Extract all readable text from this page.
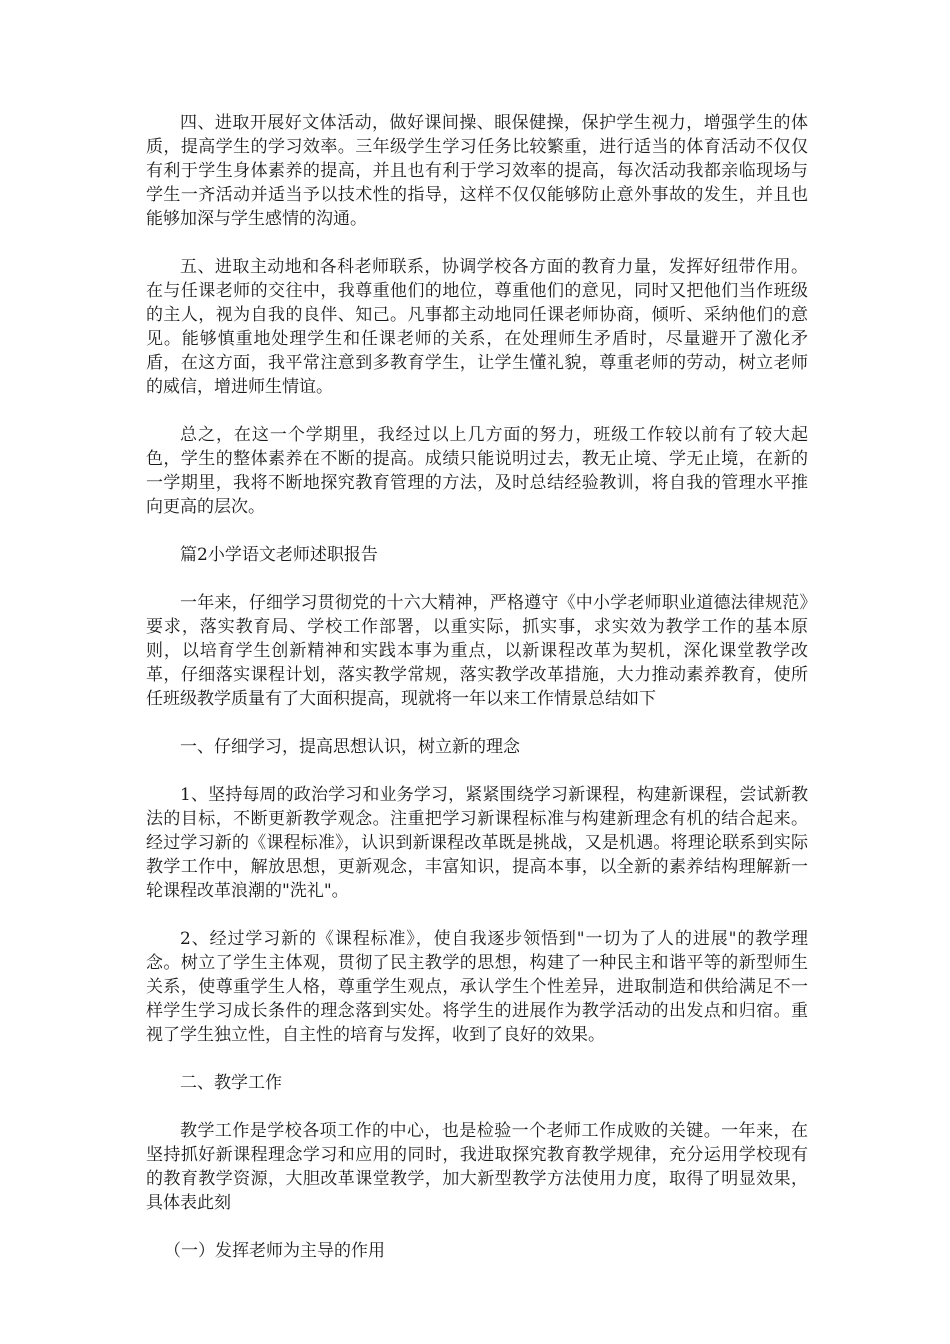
四、进取开展好文体活动，做好课间操、眼保健操，保护学生视力，增强学生的体质，提高学生的学习效率。三年级学生学习任务比较繁重，进行适当的体育活动不仅仅有利于学生身体素养的提高，并且也有利于学习效率的提高，每次活动我都亲临现场与学生一齐活动并适当予以技术性的指导，这样不仅仅能够防止意外事故的发生，并且也能够加深与学生感情的沟通。

五、进取主动地和各科老师联系，协调学校各方面的教育力量，发挥好纽带作用。在与任课老师的交往中，我尊重他们的地位，尊重他们的意见，同时又把他们当作班级的主人，视为自我的良伴、知己。凡事都主动地同任课老师协商，倾听、采纳他们的意见。能够慎重地处理学生和任课老师的关系，在处理师生矛盾时，尽量避开了激化矛盾，在这方面，我平常注意到多教育学生，让学生懂礼貌，尊重老师的劳动，树立老师的威信，增进师生情谊。

总之，在这一个学期里，我经过以上几方面的努力，班级工作较以前有了较大起色，学生的整体素养在不断的提高。成绩只能说明过去，教无止境、学无止境，在新的一学期里，我将不断地探究教育管理的方法，及时总结经验教训，将自我的管理水平推向更高的层次。

篇2小学语文老师述职报告

一年来，仔细学习贯彻党的十六大精神，严格遵守《中小学老师职业道德法律规范》要求，落实教育局、学校工作部署，以重实际，抓实事，求实效为教学工作的基本原则，以培育学生创新精神和实践本事为重点，以新课程改革为契机，深化课堂教学改革，仔细落实课程计划，落实教学常规，落实教学改革措施，大力推动素养教育，使所任班级教学质量有了大面积提高，现就将一年以来工作情景总结如下

一、仔细学习，提高思想认识，树立新的理念

1、坚持每周的政治学习和业务学习，紧紧围绕学习新课程，构建新课程，尝试新教法的目标，不断更新教学观念。注重把学习新课程标准与构建新理念有机的结合起来。经过学习新的《课程标准》，认识到新课程改革既是挑战，又是机遇。将理论联系到实际教学工作中，解放思想，更新观念，丰富知识，提高本事，以全新的素养结构理解新一轮课程改革浪潮的"洗礼"。

2、经过学习新的《课程标准》，使自我逐步领悟到"一切为了人的进展"的教学理念。树立了学生主体观，贯彻了民主教学的思想，构建了一种民主和谐平等的新型师生关系，使尊重学生人格，尊重学生观点，承认学生个性差异，进取制造和供给满足不一样学生学习成长条件的理念落到实处。将学生的进展作为教学活动的出发点和归宿。重视了学生独立性，自主性的培育与发挥，收到了良好的效果。

二、教学工作

教学工作是学校各项工作的中心，也是检验一个老师工作成败的关键。一年来，在坚持抓好新课程理念学习和应用的同时，我进取探究教育教学规律，充分运用学校现有的教育教学资源，大胆改革课堂教学，加大新型教学方法使用力度，取得了明显效果，具体表此刻

（一）发挥老师为主导的作用
